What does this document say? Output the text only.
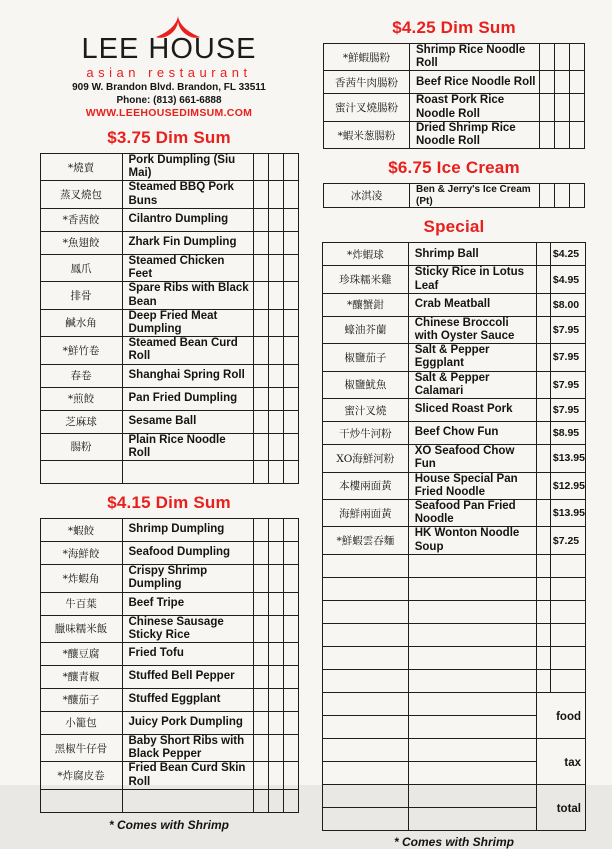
LEE HOUSE
asian restaurant
909 W. Brandon Blvd. Brandon, FL 33511
Phone: (813) 661-6888
WWW.LEEHOUSEDIMSUM.COM
$3.75 Dim Sum
*燒賣	Pork Dumpling (Siu Mai)			
蒸叉燒包	Steamed BBQ Pork Buns			
*香茜餃	Cilantro Dumpling			
*魚翅餃	Zhark Fin Dumpling			
鳳爪	Steamed Chicken Feet			
排骨	Spare Ribs with Black Bean			
鹹水角	Deep Fried Meat Dumpling			
*鮮竹卷	Steamed Bean Curd Roll			
春卷	Shanghai Spring Roll			
*煎餃	Pan Fried Dumpling			
芝麻球	Sesame Ball			
腸粉	Plain Rice Noodle Roll			

$4.15 Dim Sum
*蝦餃	Shrimp Dumpling			
*海鮮餃	Seafood Dumpling			
*炸蝦角	Crispy Shrimp Dumpling			
牛百葉	Beef Tripe			
臘味糯米飯	Chinese Sausage Sticky Rice			
*釀豆腐	Fried Tofu			
*釀青椒	Stuffed Bell Pepper			
*釀茄子	Stuffed Eggplant			
小籠包	Juicy Pork Dumpling			
黑椒牛仔骨	Baby Short Ribs with Black Pepper			
*炸腐皮卷	Fried Bean Curd Skin Roll			

* Comes with Shrimp
$4.25 Dim Sum
*鮮蝦腸粉	Shrimp Rice Noodle Roll			
香茜牛肉腸粉	Beef Rice Noodle Roll			
蜜汁叉燒腸粉	Roast Pork Rice Noodle Roll			
*蝦米葱腸粉	Dried Shrimp Rice Noodle Roll			
$6.75 Ice Cream
冰淇凌	Ben & Jerry's Ice Cream (Pt)			
Special
*炸蝦球	Shrimp Ball		$4.25
珍珠糯米雞	Sticky Rice in Lotus Leaf		$4.95
*釀蟹鉗	Crab Meatball		$8.00
蠔油芥蘭	Chinese Broccoli with Oyster Sauce		$7.95
椒鹽茄子	Salt & Pepper Eggplant		$7.95
椒鹽魷魚	Salt & Pepper Calamari		$7.95
蜜汁叉燒	Sliced Roast Pork		$7.95
干炒牛河粉	Beef Chow Fun		$8.95
XO海鮮河粉	XO Seafood Chow Fun		$13.95
本樓兩面黃	House Special Pan Fried Noodle		$12.95
海鮮兩面黃	Seafood Pan Fried Noodle		$13.95
*鮮蝦雲吞麵	HK Wonton Noodle Soup		$7.25

		food	

		tax	

		total	

* Comes with Shrimp
